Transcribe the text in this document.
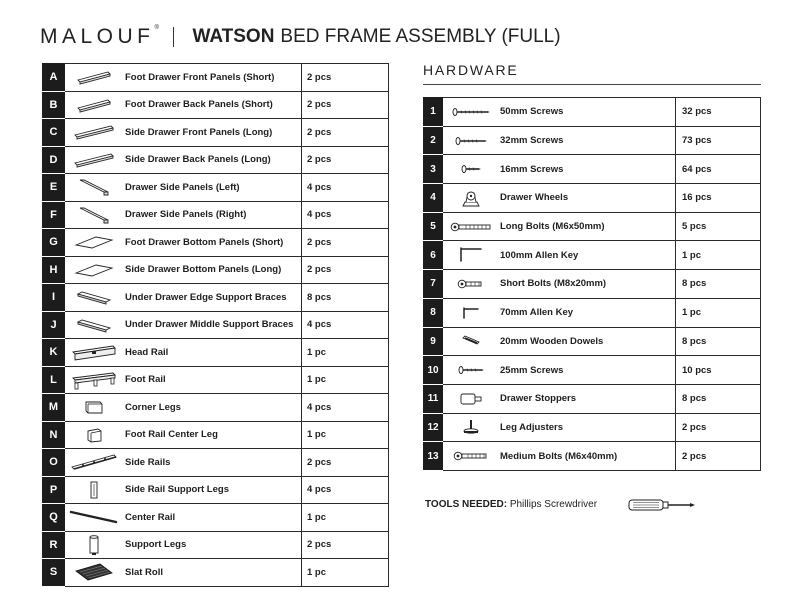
MALOUF® WATSON BED FRAME ASSEMBLY (FULL)
A		Foot Drawer Front Panels (Short)	2 pcs
B		Foot Drawer Back Panels (Short)	2 pcs
C		Side Drawer Front Panels (Long)	2 pcs
D		Side Drawer Back Panels (Long)	2 pcs
E		Drawer Side Panels (Left)	4 pcs
F		Drawer Side Panels (Right)	4 pcs
G		Foot Drawer Bottom Panels (Short)	2 pcs
H		Side Drawer Bottom Panels (Long)	2 pcs
I		Under Drawer Edge Support Braces	8 pcs
J		Under Drawer Middle Support Braces	4 pcs
K		Head Rail	1 pc
L		Foot Rail	1 pc
M		Corner Legs	4 pcs
N		Foot Rail Center Leg	1 pc
O		Side Rails	2 pcs
P		Side Rail Support Legs	4 pcs
Q		Center Rail	1 pc
R		Support Legs	2 pcs
S		Slat Roll	1 pc
HARDWARE
1		50mm Screws	32 pcs
2		32mm Screws	73 pcs
3		16mm Screws	64 pcs
4		Drawer Wheels	16 pcs
5		Long Bolts (M6x50mm)	5 pcs
6		100mm Allen Key	1 pc
7		Short Bolts (M8x20mm)	8 pcs
8		70mm Allen Key	1 pc
9		20mm Wooden Dowels	8 pcs
10		25mm Screws	10 pcs
11		Drawer Stoppers	8 pcs
12		Leg Adjusters	2 pcs
13		Medium Bolts (M6x40mm)	2 pcs
TOOLS NEEDED: Phillips Screwdriver
